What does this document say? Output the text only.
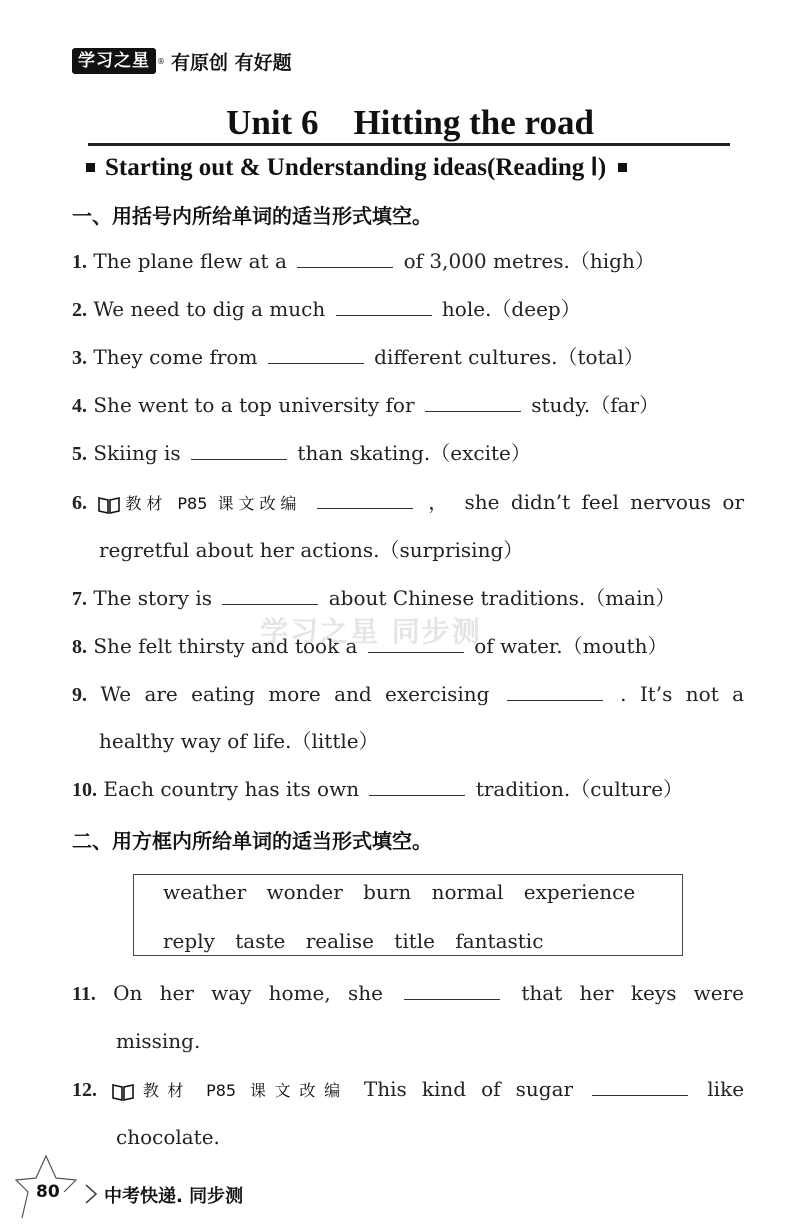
学习之星 ® 有原创 有好题
Unit 6　Hitting the road
Starting out & Understanding ideas(Reading Ⅰ)
一、用括号内所给单词的适当形式填空。
学习之星 同步测
1. The plane flew at a	of 3,000 metres.（high）
2. We need to dig a much	hole.（deep）
3. They come from	different cultures.（total）
4. She went to a top university for	study.（far）
5. Skiing is	than skating.（excite）
6. 教材 P85 课文改编	， she didn’t feel nervous or
regretful about her actions.（surprising）
7. The story is	about Chinese traditions.（main）
8. She felt thirsty and took a	of water.（mouth）
9. We are eating more and exercising	. It’s not a
healthy way of life.（little）
10. Each country has its own	tradition.（culture）
二、用方框内所给单词的适当形式填空。
weather wonder burn normal experience
reply taste realise title fantastic
11. On her way home, she	that her keys were
missing.
12. 教材 P85 课文改编 This kind of sugar	like
chocolate.
80 中考快递. 同步测
